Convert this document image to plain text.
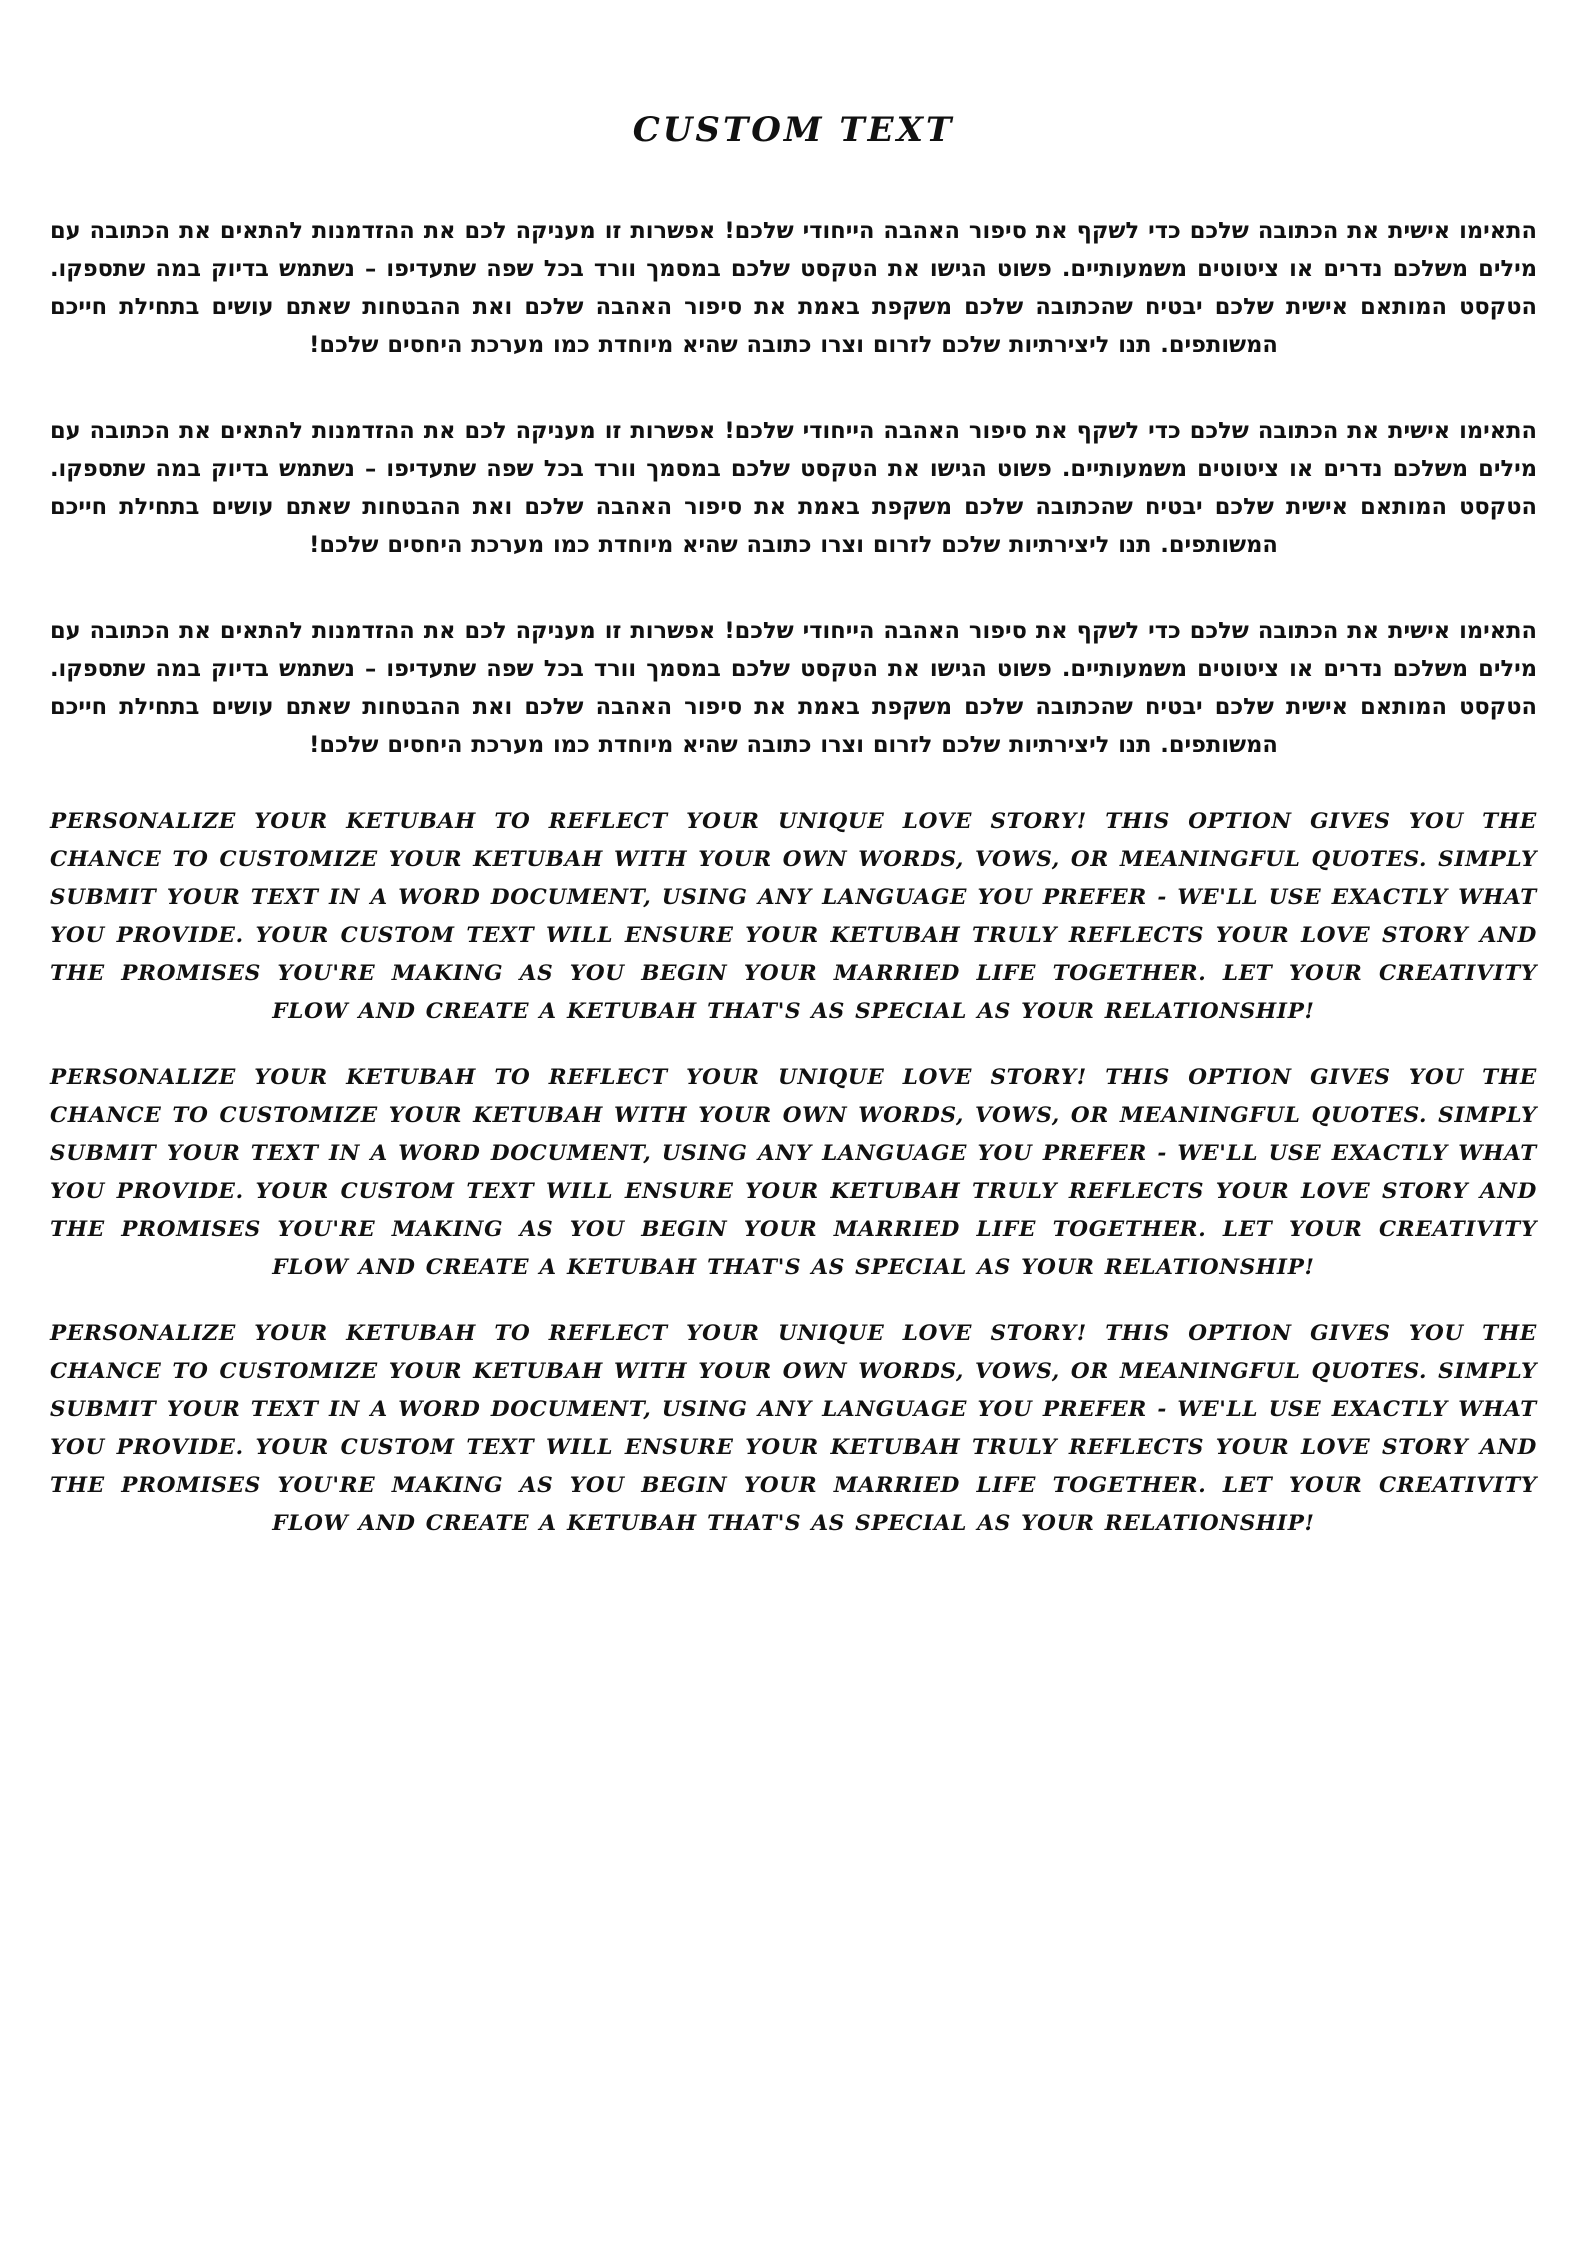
CUSTOM TEXT

התאימו אישית את הכתובה שלכם כדי לשקף את סיפור האהבה הייחודי שלכם! אפשרות זו מעניקה לכם את ההזדמנות להתאים את הכתובה עם מילים משלכם נדרים או ציטוטים משמעותיים. פשוט הגישו את הטקסט שלכם במסמך וורד בכל שפה שתעדיפו – נשתמש בדיוק במה שתספקו. הטקסט המותאם אישית שלכם יבטיח שהכתובה שלכם משקפת באמת את סיפור האהבה שלכם ואת ההבטחות שאתם עושים בתחילת חייכם המשותפים. תנו ליצירתיות שלכם לזרום וצרו כתובה שהיא מיוחדת כמו מערכת היחסים שלכם!

התאימו אישית את הכתובה שלכם כדי לשקף את סיפור האהבה הייחודי שלכם! אפשרות זו מעניקה לכם את ההזדמנות להתאים את הכתובה עם מילים משלכם נדרים או ציטוטים משמעותיים. פשוט הגישו את הטקסט שלכם במסמך וורד בכל שפה שתעדיפו – נשתמש בדיוק במה שתספקו. הטקסט המותאם אישית שלכם יבטיח שהכתובה שלכם משקפת באמת את סיפור האהבה שלכם ואת ההבטחות שאתם עושים בתחילת חייכם המשותפים. תנו ליצירתיות שלכם לזרום וצרו כתובה שהיא מיוחדת כמו מערכת היחסים שלכם!

התאימו אישית את הכתובה שלכם כדי לשקף את סיפור האהבה הייחודי שלכם! אפשרות זו מעניקה לכם את ההזדמנות להתאים את הכתובה עם מילים משלכם נדרים או ציטוטים משמעותיים. פשוט הגישו את הטקסט שלכם במסמך וורד בכל שפה שתעדיפו – נשתמש בדיוק במה שתספקו. הטקסט המותאם אישית שלכם יבטיח שהכתובה שלכם משקפת באמת את סיפור האהבה שלכם ואת ההבטחות שאתם עושים בתחילת חייכם המשותפים. תנו ליצירתיות שלכם לזרום וצרו כתובה שהיא מיוחדת כמו מערכת היחסים שלכם!

PERSONALIZE YOUR KETUBAH TO REFLECT YOUR UNIQUE LOVE STORY! THIS OPTION GIVES YOU THE CHANCE TO CUSTOMIZE YOUR KETUBAH WITH YOUR OWN WORDS, VOWS, OR MEANINGFUL QUOTES. SIMPLY SUBMIT YOUR TEXT IN A WORD DOCUMENT, USING ANY LANGUAGE YOU PREFER - WE'LL USE EXACTLY WHAT YOU PROVIDE. YOUR CUSTOM TEXT WILL ENSURE YOUR KETUBAH TRULY REFLECTS YOUR LOVE STORY AND THE PROMISES YOU'RE MAKING AS YOU BEGIN YOUR MARRIED LIFE TOGETHER. LET YOUR CREATIVITY FLOW AND CREATE A KETUBAH THAT'S AS SPECIAL AS YOUR RELATIONSHIP!

PERSONALIZE YOUR KETUBAH TO REFLECT YOUR UNIQUE LOVE STORY! THIS OPTION GIVES YOU THE CHANCE TO CUSTOMIZE YOUR KETUBAH WITH YOUR OWN WORDS, VOWS, OR MEANINGFUL QUOTES. SIMPLY SUBMIT YOUR TEXT IN A WORD DOCUMENT, USING ANY LANGUAGE YOU PREFER - WE'LL USE EXACTLY WHAT YOU PROVIDE. YOUR CUSTOM TEXT WILL ENSURE YOUR KETUBAH TRULY REFLECTS YOUR LOVE STORY AND THE PROMISES YOU'RE MAKING AS YOU BEGIN YOUR MARRIED LIFE TOGETHER. LET YOUR CREATIVITY FLOW AND CREATE A KETUBAH THAT'S AS SPECIAL AS YOUR RELATIONSHIP!

PERSONALIZE YOUR KETUBAH TO REFLECT YOUR UNIQUE LOVE STORY! THIS OPTION GIVES YOU THE CHANCE TO CUSTOMIZE YOUR KETUBAH WITH YOUR OWN WORDS, VOWS, OR MEANINGFUL QUOTES. SIMPLY SUBMIT YOUR TEXT IN A WORD DOCUMENT, USING ANY LANGUAGE YOU PREFER - WE'LL USE EXACTLY WHAT YOU PROVIDE. YOUR CUSTOM TEXT WILL ENSURE YOUR KETUBAH TRULY REFLECTS YOUR LOVE STORY AND THE PROMISES YOU'RE MAKING AS YOU BEGIN YOUR MARRIED LIFE TOGETHER. LET YOUR CREATIVITY FLOW AND CREATE A KETUBAH THAT'S AS SPECIAL AS YOUR RELATIONSHIP!
